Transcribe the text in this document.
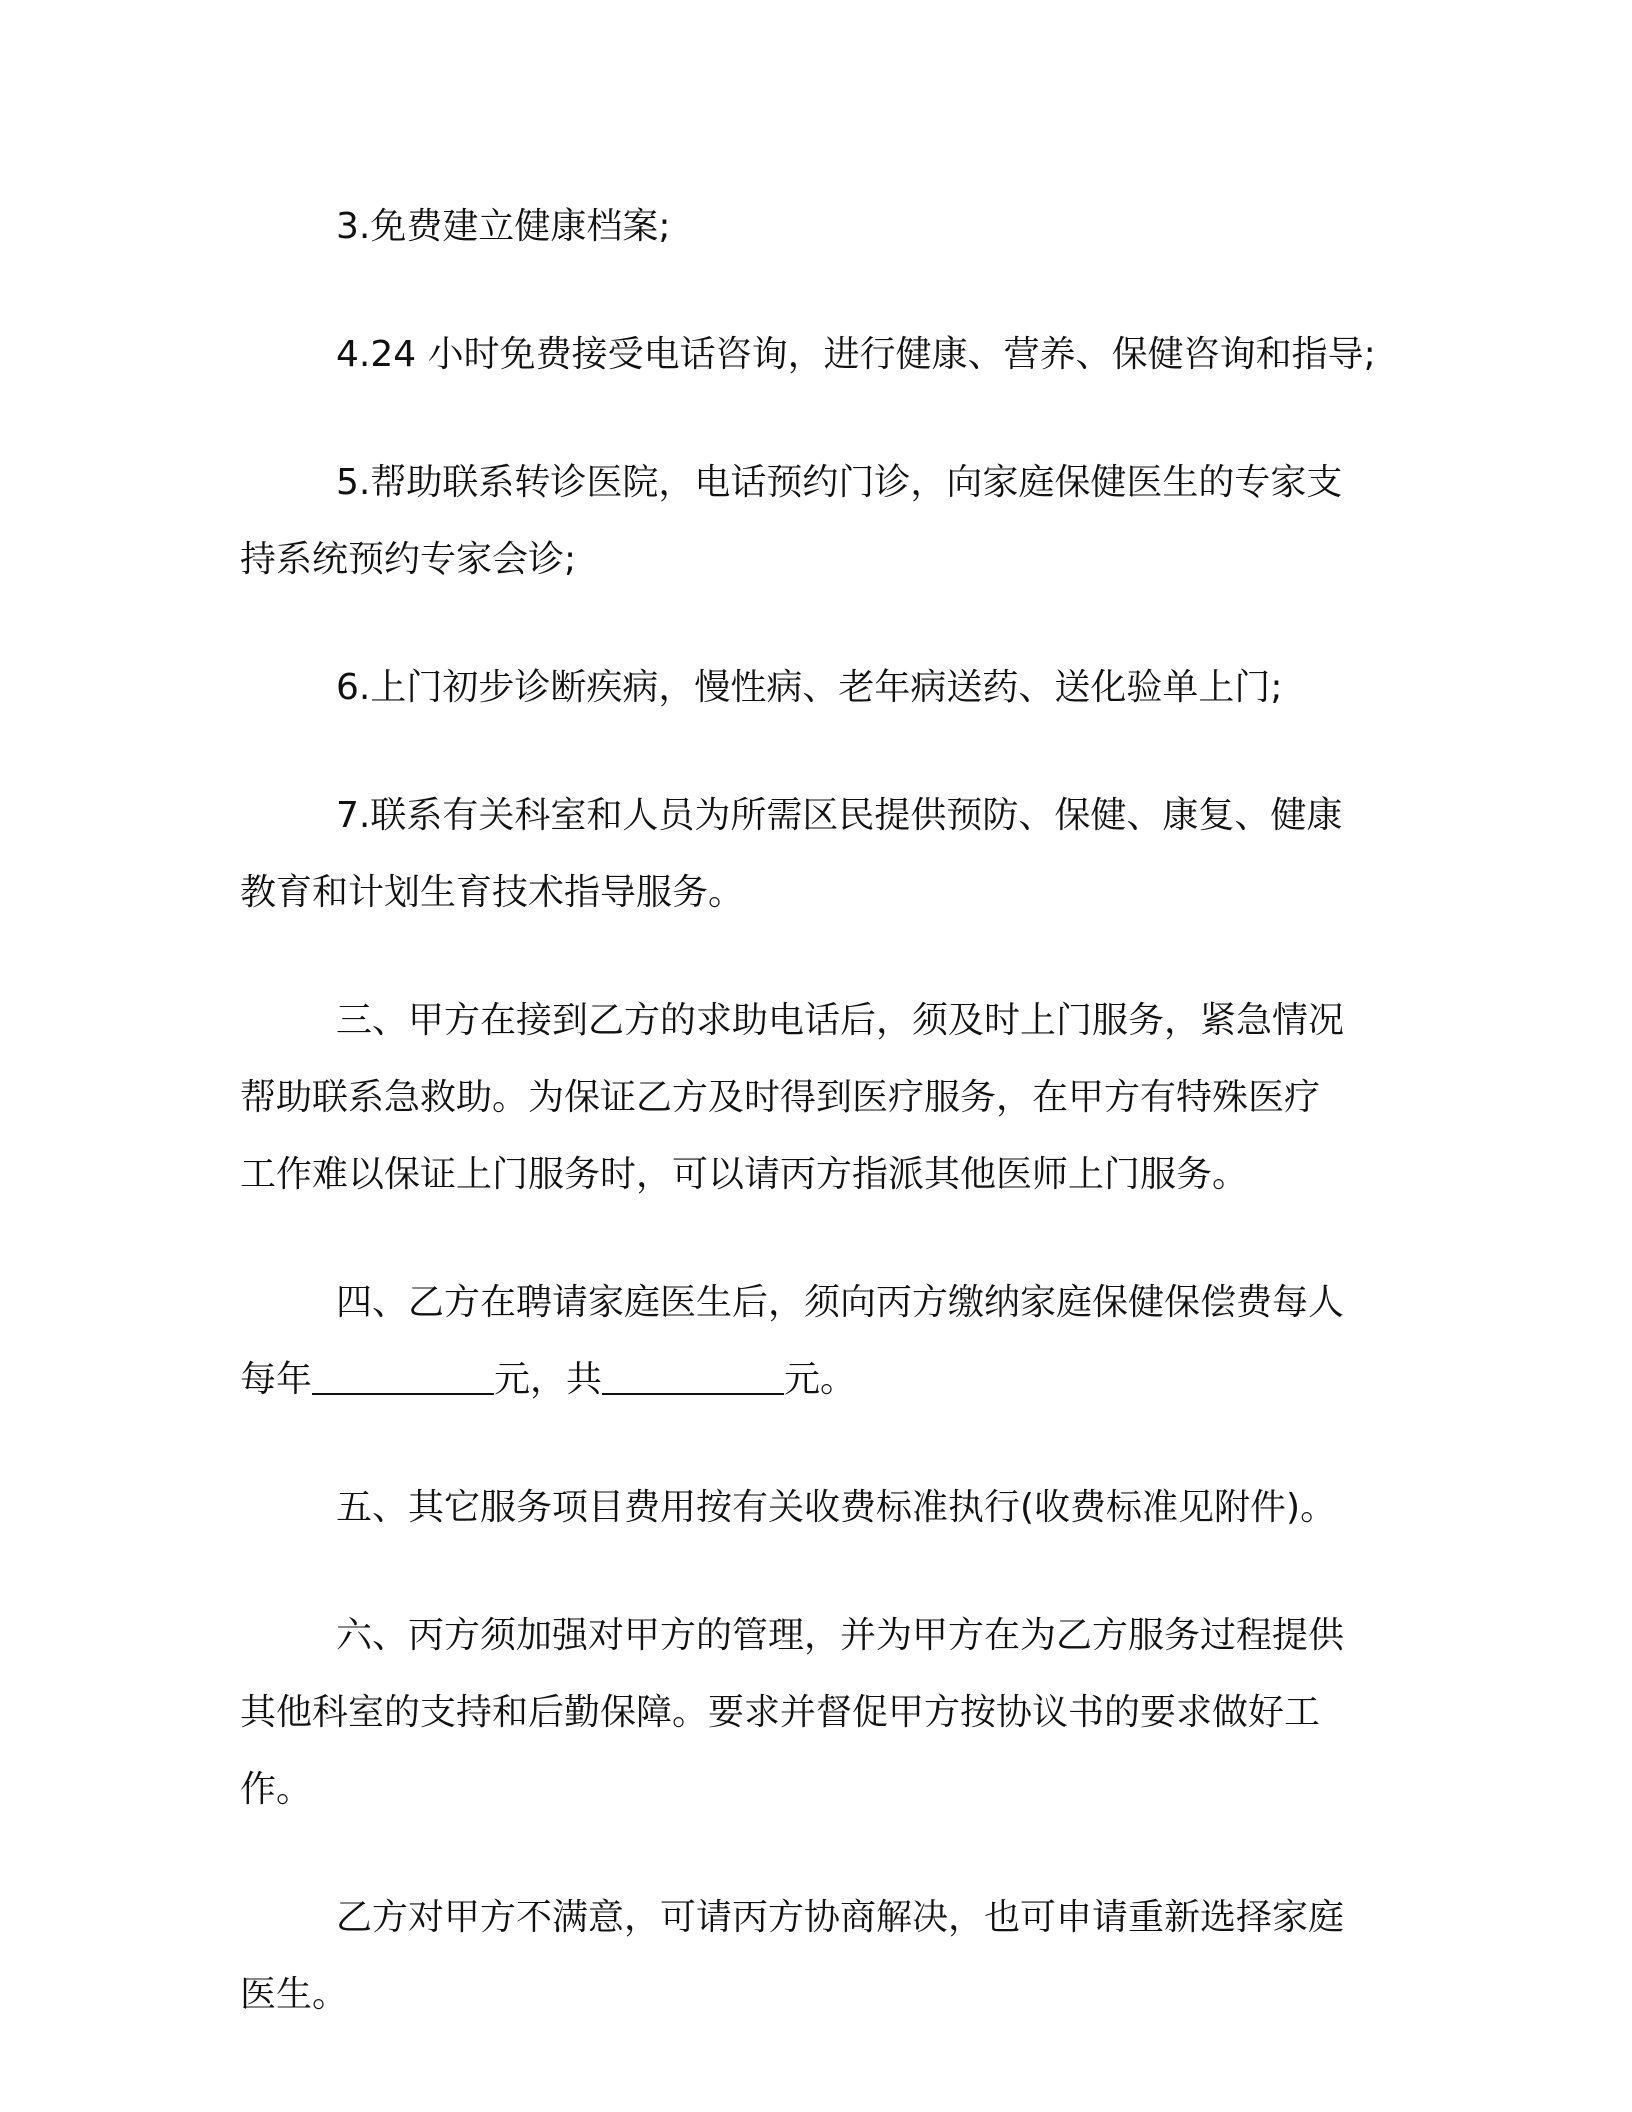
3.免费建立健康档案;

4.24 小时免费接受电话咨询，进行健康、营养、保健咨询和指导;

5.帮助联系转诊医院，电话预约门诊，向家庭保健医生的专家支
持系统预约专家会诊;

6.上门初步诊断疾病，慢性病、老年病送药、送化验单上门;

7.联系有关科室和人员为所需区民提供预防、保健、康复、健康
教育和计划生育技术指导服务。

三、甲方在接到乙方的求助电话后，须及时上门服务，紧急情况
帮助联系急救助。为保证乙方及时得到医疗服务，在甲方有特殊医疗
工作难以保证上门服务时，可以请丙方指派其他医师上门服务。

四、乙方在聘请家庭医生后，须向丙方缴纳家庭保健保偿费每人

每年	元，共	元。

五、其它服务项目费用按有关收费标准执行(收费标准见附件)。

六、丙方须加强对甲方的管理，并为甲方在为乙方服务过程提供
其他科室的支持和后勤保障。要求并督促甲方按协议书的要求做好工
作。

乙方对甲方不满意，可请丙方协商解决，也可申请重新选择家庭
医生。
